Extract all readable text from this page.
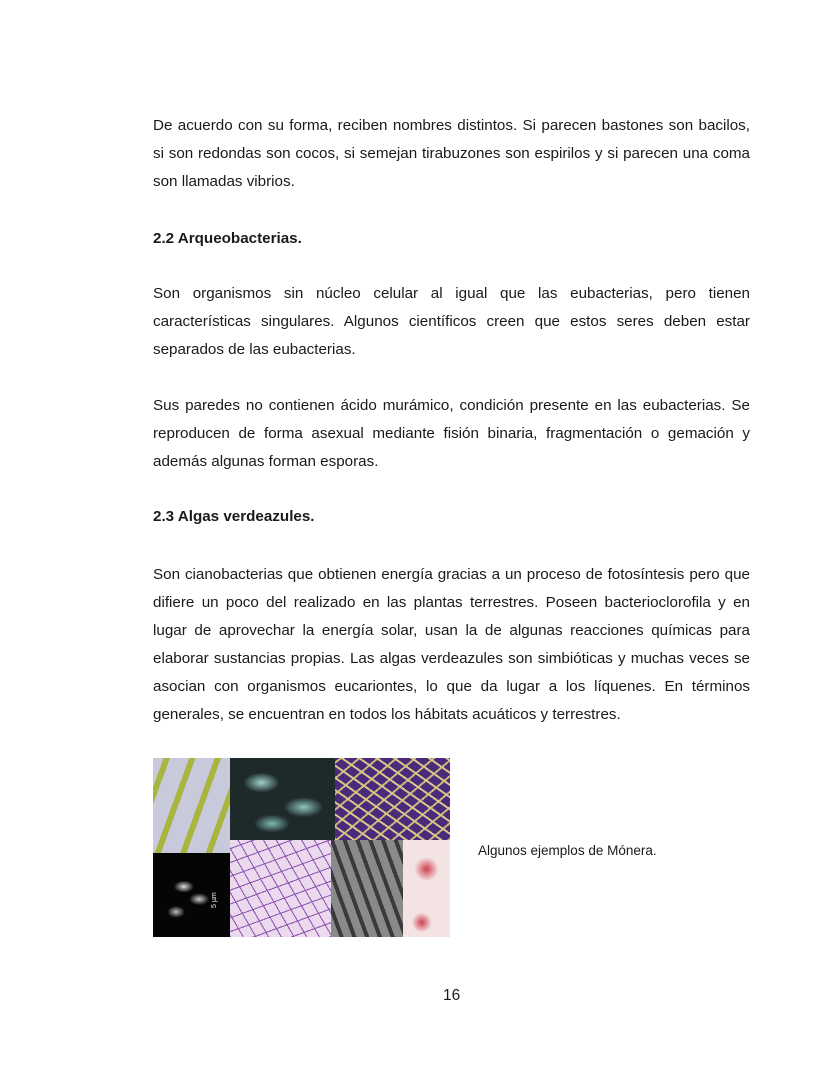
De acuerdo con su forma, reciben nombres distintos. Si parecen bastones son bacilos, si son redondas son cocos, si semejan tirabuzones son espirilos y si parecen una coma son llamadas vibrios.

2.2 Arqueobacterias.

Son organismos sin núcleo celular al igual que las eubacterias, pero tienen características singulares. Algunos científicos creen que estos seres deben estar separados de las eubacterias.

Sus paredes no contienen ácido murámico, condición presente en las eubacterias. Se reproducen de forma asexual mediante fisión binaria, fragmentación o gemación y además algunas forman esporas.

2.3 Algas verdeazules.

Son cianobacterias que obtienen energía gracias a un proceso de fotosíntesis pero que difiere un poco del realizado en las plantas terrestres. Poseen bacterioclorofila y en lugar de aprovechar la energía solar, usan la de algunas reacciones químicas para elaborar sustancias propias. Las algas verdeazules son simbióticas y muchas veces se asocian con organismos eucariontes, lo que da lugar a los líquenes. En términos generales, se encuentran en todos los hábitats acuáticos y terrestres.

5 µm
Algunos ejemplos de Mónera.
16
